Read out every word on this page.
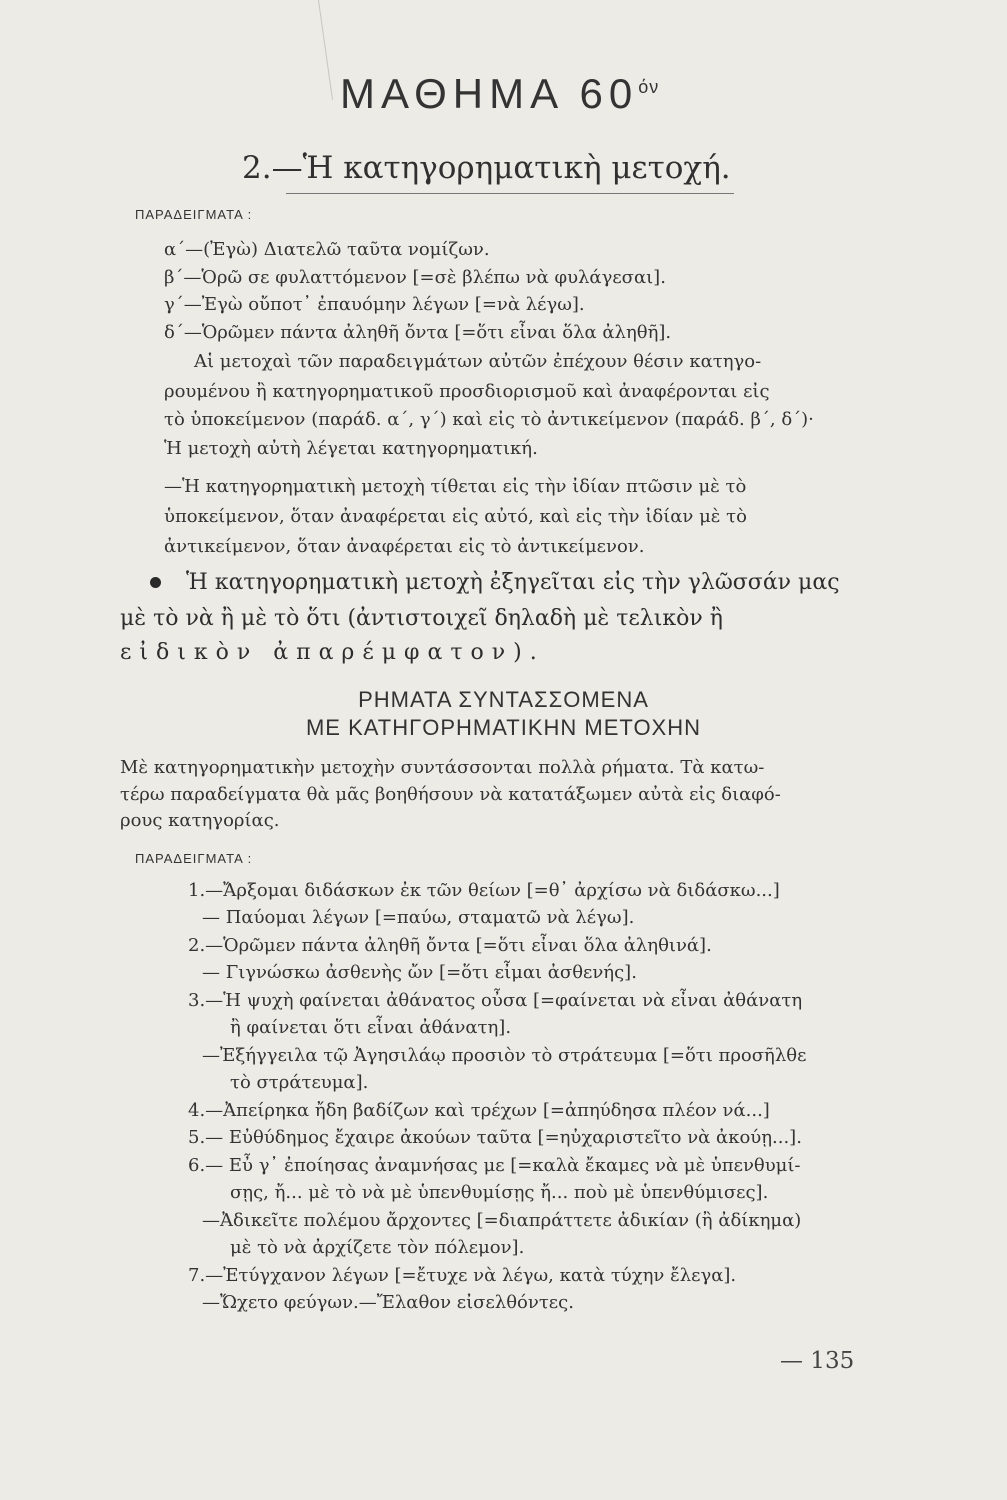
ΜΑΘΗΜΑ $60^{ό\nu}$
2.—Ἡ κατηγορηματικὴ μετοχή.
ΠΑΡΑΔΕΙΓΜΑΤΑ :
α΄—(Ἐγὼ) Διατελῶ ταῦτα νομίζων.
β΄—Ὁρῶ σε φυλαττόμενον [=σὲ βλέπω νὰ φυλάγεσαι].
γ΄—Ἐγὼ οὔποτ᾿ ἐπαυόμην λέγων [=νὰ λέγω].
δ΄—Ὁρῶμεν πάντα ἀληθῆ ὄντα [=ὅτι εἶναι ὅλα ἀληθῆ].
Αἱ μετοχαὶ τῶν παραδειγμάτων αὐτῶν ἐπέχουν θέσιν κατηγο-
ρουμένου ἢ κατηγορηματικοῦ προσδιορισμοῦ καὶ ἀναφέρονται εἰς
τὸ ὑποκείμενον (παράδ. α΄, γ΄) καὶ εἰς τὸ ἀντικείμενον (παράδ. β΄, δ΄)·
Ἡ μετοχὴ αὐτὴ λέγεται κατηγορηματική.
—Ἡ κατηγορηματικὴ μετοχὴ τίθεται εἰς τὴν ἰδίαν πτῶσιν μὲ τὸ
ὑποκείμενον, ὅταν ἀναφέρεται εἰς αὐτό, καὶ εἰς τὴν ἰδίαν μὲ τὸ
ἀντικείμενον, ὅταν ἀναφέρεται εἰς τὸ ἀντικείμενον.
Ἡ κατηγορηματικὴ μετοχὴ ἐξηγεῖται εἰς τὴν γλῶσσάν μας
μὲ τὸ νὰ ἢ μὲ τὸ ὅτι (ἀντιστοιχεῖ δηλαδὴ μὲ τελικὸν ἢ
εἰδικὸν ἀπαρέμφατον).
ΡΗΜΑΤΑ ΣΥΝΤΑΣΣΟΜΕΝΑ
ΜΕ ΚΑΤΗΓΟΡΗΜΑΤΙΚΗΝ ΜΕΤΟΧΗΝ
Μὲ κατηγορηματικὴν μετοχὴν συντάσσονται πολλὰ ρήματα. Τὰ κατω-
τέρω παραδείγματα θὰ μᾶς βοηθήσουν νὰ κατατάξωμεν αὐτὰ εἰς διαφό-
ρους κατηγορίας.
ΠΑΡΑΔΕΙΓΜΑΤΑ :
1.—Ἄρξομαι διδάσκων ἐκ τῶν θείων [=θ᾿ ἀρχίσω νὰ διδάσκω...]
— Παύομαι λέγων [=παύω, σταματῶ νὰ λέγω].
2.—Ὁρῶμεν πάντα ἀληθῆ ὄντα [=ὅτι εἶναι ὅλα ἀληθινά].
— Γιγνώσκω ἀσθενὴς ὤν [=ὅτι εἶμαι ἀσθενής].
3.—Ἡ ψυχὴ φαίνεται ἀθάνατος οὖσα [=φαίνεται νὰ εἶναι ἀθάνατη
ἢ φαίνεται ὅτι εἶναι ἀθάνατη].
—Ἐξήγγειλα τῷ Ἀγησιλάῳ προσιὸν τὸ στράτευμα [=ὅτι προσῆλθε
τὸ στράτευμα].
4.—Ἀπείρηκα ἤδη βαδίζων καὶ τρέχων [=ἀπηύδησα πλέον νά...]
5.— Εὐθύδημος ἔχαιρε ἀκούων ταῦτα [=ηὐχαριστεῖτο νὰ ἀκούῃ...].
6.— Εὖ γ᾿ ἐποίησας ἀναμνήσας με [=καλὰ ἔκαμες νὰ μὲ ὑπενθυμί-
σῃς, ἤ... μὲ τὸ νὰ μὲ ὑπενθυμίσῃς ἤ... ποὺ μὲ ὑπενθύμισες].
—Ἀδικεῖτε πολέμου ἄρχοντες [=διαπράττετε ἀδικίαν (ἢ ἀδίκημα)
μὲ τὸ νὰ ἀρχίζετε τὸν πόλεμον].
7.—Ἐτύγχανον λέγων [=ἔτυχε νὰ λέγω, κατὰ τύχην ἔλεγα].
—Ὤχετο φεύγων.—Ἔλαθον εἰσελθόντες.
— 135
